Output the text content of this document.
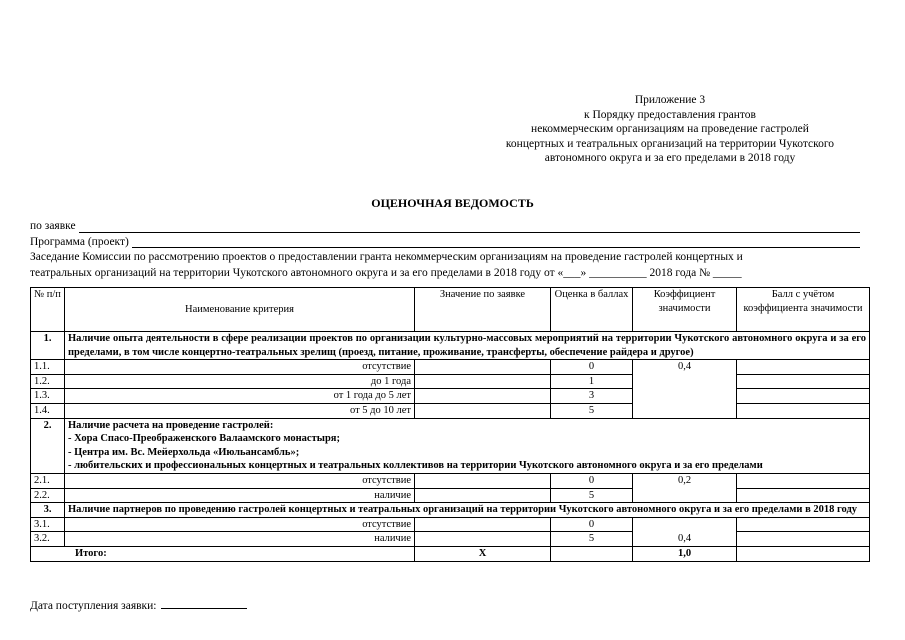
Приложение 3
к Порядку предоставления грантов
некоммерческим организациям на проведение гастролей
концертных и театральных организаций на территории Чукотского
автономного округа и за его пределами в 2018 году
ОЦЕНОЧНАЯ ВЕДОМОСТЬ
по заявке
Программа (проект)
Заседание Комиссии по рассмотрению проектов о предоставлении гранта некоммерческим организациям на проведение гастролей концертных и
театральных организаций на территории Чукотского автономного округа и за его пределами в 2018 году от «___» __________ 2018 года № _____
№ п/п	Наименование критерия	Значение по заявке	Оценка в баллах	Коэффициент значимости	Балл с учётом коэффициента значимости
1.	Наличие опыта деятельности в сфере реализации проектов по организации культурно-массовых мероприятий на территории Чукотского автономного округа и за его пределами, в том числе концертно-театральных зрелищ (проезд, питание, проживание, трансферты, обеспечение райдера и другое)				
1.1.	отсутствие		0	0,4	
1.2.	до 1 года		1		
1.3.	от 1 года до 5 лет		3		
1.4.	от 5 до 10 лет		5		
2.	Наличие расчета на проведение гастролей:
- Хора Спасо-Преображенского Валаамского монастыря;
- Центра им. Вс. Мейерхольда «Июльансамбль»;
- любительских и профессиональных концертных и театральных коллективов на территории Чукотского автономного округа и за его пределами				

2.1.	отсутствие		0	0,2	
2.2.	наличие		5		
3.	Наличие партнеров по проведению гастролей концертных и театральных организаций на территории Чукотского автономного округа и за его пределами в 2018 году				
3.1.	отсутствие		0	0,4	
3.2.	наличие		5		
Итого:		Х		1,0	
Дата поступления заявки:
